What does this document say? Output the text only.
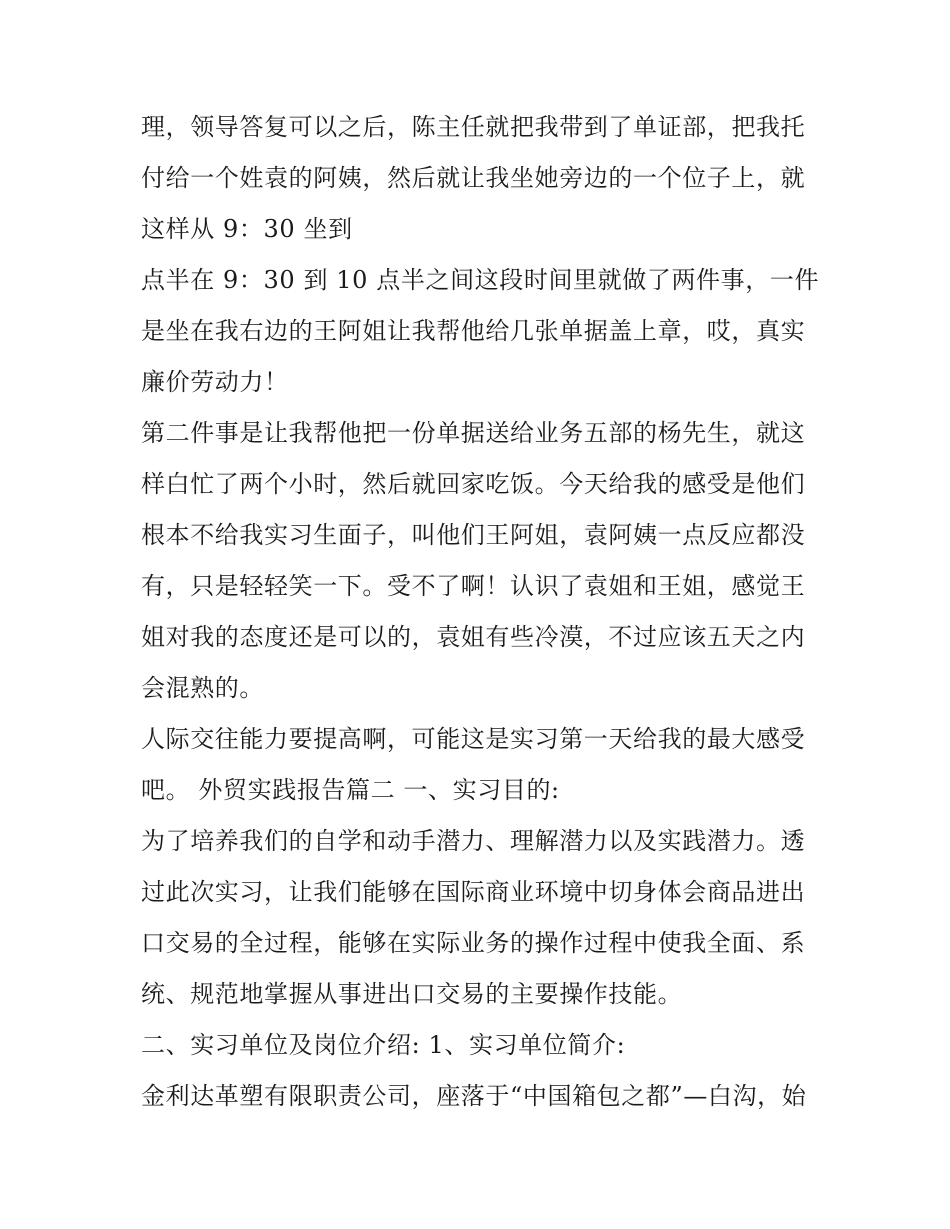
理，领导答复可以之后，陈主任就把我带到了单证部，把我托
付给一个姓袁的阿姨，然后就让我坐她旁边的一个位子上，就
这样从 9：30 坐到
点半在 9：30 到 10 点半之间这段时间里就做了两件事，一件
是坐在我右边的王阿姐让我帮他给几张单据盖上章，哎，真实
廉价劳动力！
第二件事是让我帮他把一份单据送给业务五部的杨先生，就这
样白忙了两个小时，然后就回家吃饭。今天给我的感受是他们
根本不给我实习生面子，叫他们王阿姐，袁阿姨一点反应都没
有，只是轻轻笑一下。受不了啊！认识了袁姐和王姐，感觉王
姐对我的态度还是可以的，袁姐有些冷漠，不过应该五天之内
会混熟的。
人际交往能力要提高啊，可能这是实习第一天给我的最大感受
吧。 外贸实践报告篇二 一、实习目的:
为了培养我们的自学和动手潜力、理解潜力以及实践潜力。透
过此次实习，让我们能够在国际商业环境中切身体会商品进出
口交易的全过程，能够在实际业务的操作过程中使我全面、系
统、规范地掌握从事进出口交易的主要操作技能。
二、实习单位及岗位介绍: 1、实习单位简介:
金利达革塑有限职责公司，座落于“中国箱包之都”—白沟，始
